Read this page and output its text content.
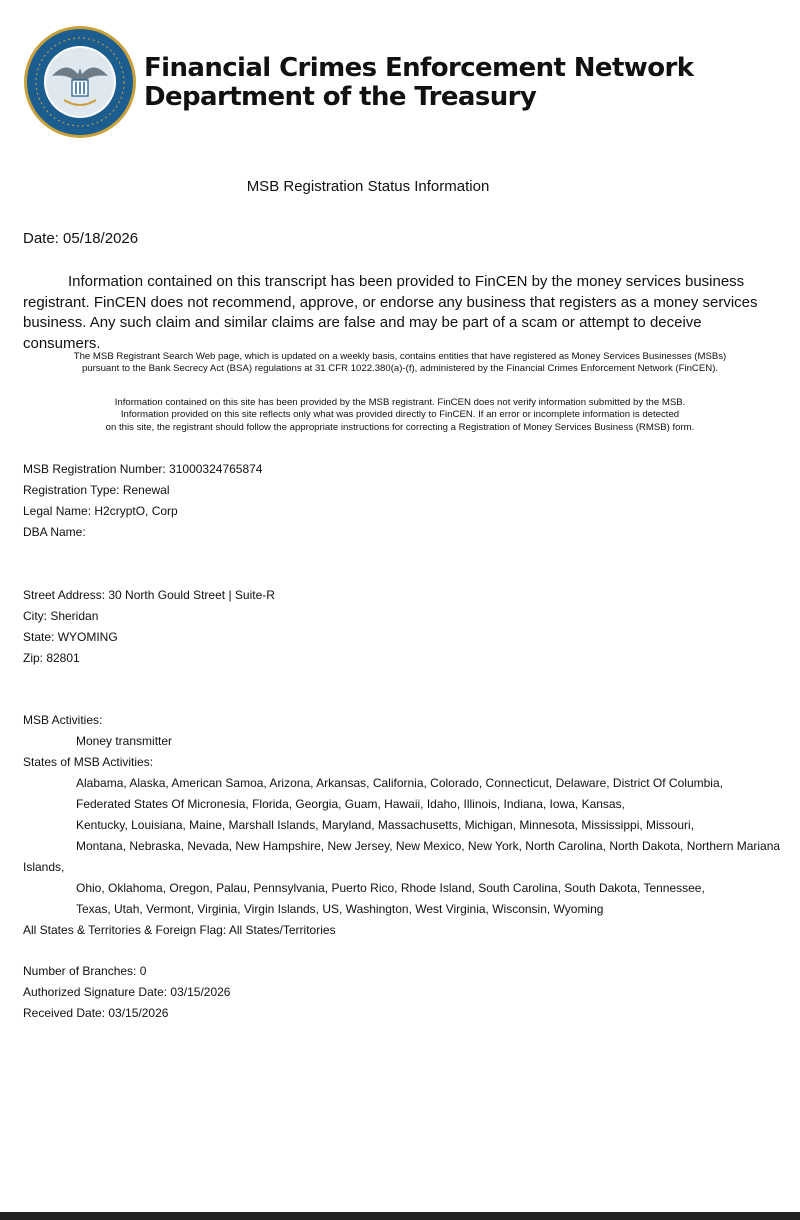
Financial Crimes Enforcement Network
Department of the Treasury
MSB Registration Status Information
Date: 05/18/2026
Information contained on this transcript has been provided to FinCEN by the money services business registrant. FinCEN does not recommend, approve, or endorse any business that registers as a money services business. Any such claim and similar claims are false and may be part of a scam or attempt to deceive consumers.
The MSB Registrant Search Web page, which is updated on a weekly basis, contains entities that have registered as Money Services Businesses (MSBs)
pursuant to the Bank Secrecy Act (BSA) regulations at 31 CFR 1022.380(a)-(f), administered by the Financial Crimes Enforcement Network (FinCEN).
Information contained on this site has been provided by the MSB registrant. FinCEN does not verify information submitted by the MSB.
Information provided on this site reflects only what was provided directly to FinCEN. If an error or incomplete information is detected
on this site, the registrant should follow the appropriate instructions for correcting a Registration of Money Services Business (RMSB) form.
MSB Registration Number: 31000324765874
Registration Type: Renewal
Legal Name: H2cryptO, Corp
DBA Name:
Street Address: 30 North Gould Street | Suite-R
City: Sheridan
State: WYOMING
Zip: 82801
MSB Activities:
Money transmitter
States of MSB Activities:
Alabama, Alaska, American Samoa, Arizona, Arkansas, California, Colorado, Connecticut, Delaware, District Of Columbia,
Federated States Of Micronesia, Florida, Georgia, Guam, Hawaii, Idaho, Illinois, Indiana, Iowa, Kansas,
Kentucky, Louisiana, Maine, Marshall Islands, Maryland, Massachusetts, Michigan, Minnesota, Mississippi, Missouri,
Montana, Nebraska, Nevada, New Hampshire, New Jersey, New Mexico, New York, North Carolina, North Dakota, Northern Mariana
Islands,
Ohio, Oklahoma, Oregon, Palau, Pennsylvania, Puerto Rico, Rhode Island, South Carolina, South Dakota, Tennessee,
Texas, Utah, Vermont, Virginia, Virgin Islands, US, Washington, West Virginia, Wisconsin, Wyoming
All States & Territories & Foreign Flag: All States/Territories
Number of Branches: 0
Authorized Signature Date: 03/15/2026
Received Date: 03/15/2026
